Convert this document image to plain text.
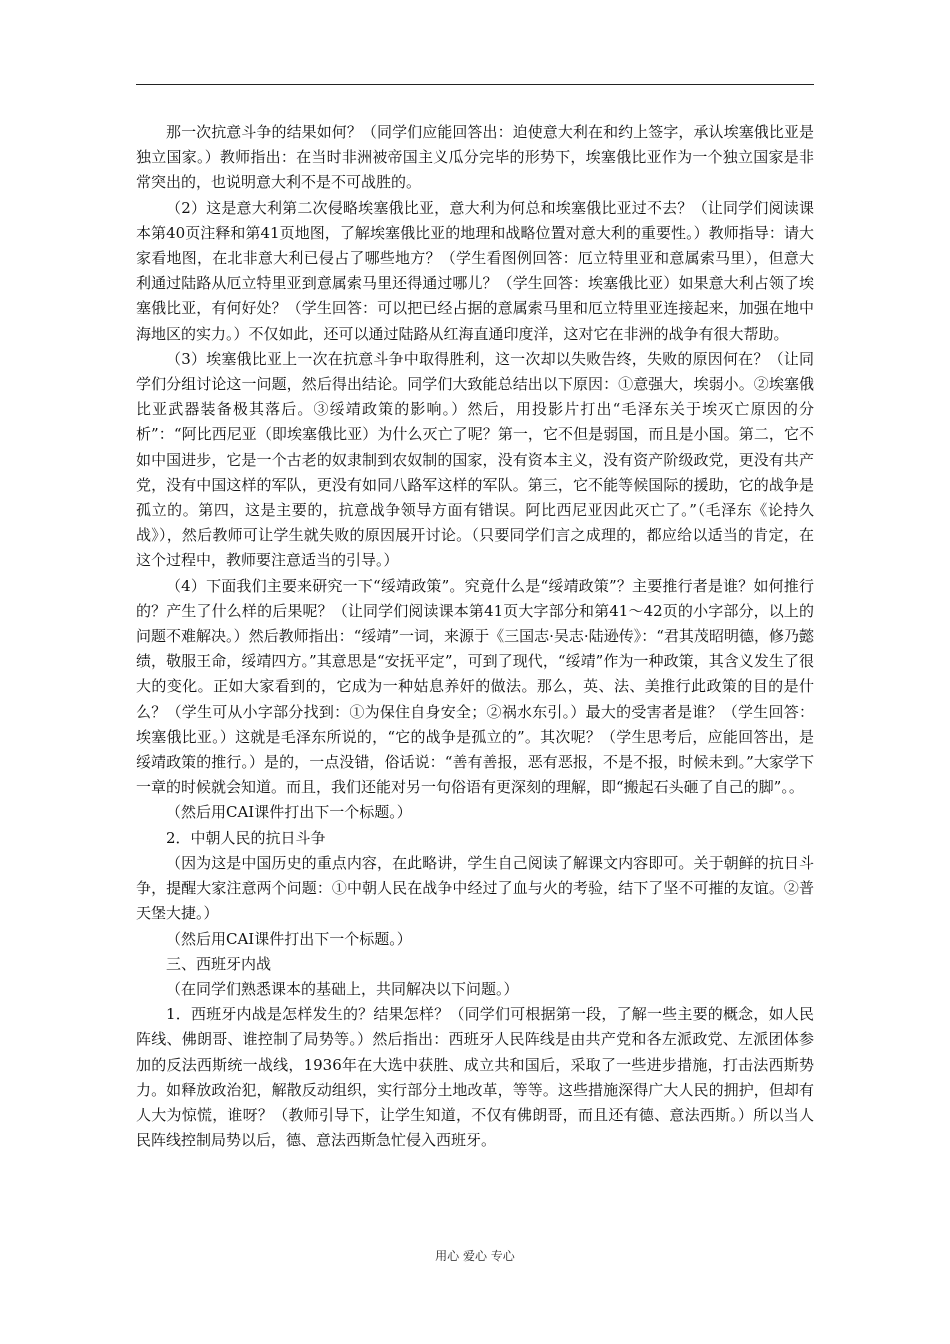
那一次抗意斗争的结果如何？（同学们应能回答出：迫使意大利在和约上签字，承认埃塞俄比亚是独立国家。）教师指出：在当时非洲被帝国主义瓜分完毕的形势下，埃塞俄比亚作为一个独立国家是非常突出的，也说明意大利不是不可战胜的。

（2）这是意大利第二次侵略埃塞俄比亚，意大利为何总和埃塞俄比亚过不去？（让同学们阅读课本第40页注释和第41页地图，了解埃塞俄比亚的地理和战略位置对意大利的重要性。）教师指导：请大家看地图，在北非意大利已侵占了哪些地方？（学生看图例回答：厄立特里亚和意属索马里），但意大利通过陆路从厄立特里亚到意属索马里还得通过哪儿？（学生回答：埃塞俄比亚）如果意大利占领了埃塞俄比亚，有何好处？（学生回答：可以把已经占据的意属索马里和厄立特里亚连接起来，加强在地中海地区的实力。）不仅如此，还可以通过陆路从红海直通印度洋，这对它在非洲的战争有很大帮助。

（3）埃塞俄比亚上一次在抗意斗争中取得胜利，这一次却以失败告终，失败的原因何在？（让同学们分组讨论这一问题，然后得出结论。同学们大致能总结出以下原因：①意强大，埃弱小。②埃塞俄比亚武器装备极其落后。③绥靖政策的影响。）然后，用投影片打出“毛泽东关于埃灭亡原因的分析”：“阿比西尼亚（即埃塞俄比亚）为什么灭亡了呢？第一，它不但是弱国，而且是小国。第二，它不如中国进步，它是一个古老的奴隶制到农奴制的国家，没有资本主义，没有资产阶级政党，更没有共产党，没有中国这样的军队，更没有如同八路军这样的军队。第三，它不能等候国际的援助，它的战争是孤立的。第四，这是主要的，抗意战争领导方面有错误。阿比西尼亚因此灭亡了。”（毛泽东《论持久战》），然后教师可让学生就失败的原因展开讨论。（只要同学们言之成理的，都应给以适当的肯定，在这个过程中，教师要注意适当的引导。）

（4）下面我们主要来研究一下“绥靖政策”。究竟什么是“绥靖政策”？主要推行者是谁？如何推行的？产生了什么样的后果呢？（让同学们阅读课本第41页大字部分和第41～42页的小字部分，以上的问题不难解决。）然后教师指出：“绥靖”一词，来源于《三国志·吴志·陆逊传》：“君其茂昭明德，修乃懿绩，敬服王命，绥靖四方。”其意思是“安抚平定”，可到了现代，“绥靖”作为一种政策，其含义发生了很大的变化。正如大家看到的，它成为一种姑息养奸的做法。那么，英、法、美推行此政策的目的是什么？（学生可从小字部分找到：①为保住自身安全；②祸水东引。）最大的受害者是谁？（学生回答：埃塞俄比亚。）这就是毛泽东所说的，“它的战争是孤立的”。其次呢？（学生思考后，应能回答出，是绥靖政策的推行。）是的，一点没错，俗话说：“善有善报，恶有恶报，不是不报，时候未到。”大家学下一章的时候就会知道。而且，我们还能对另一句俗语有更深刻的理解，即“搬起石头砸了自己的脚”。。

（然后用CAI课件打出下一个标题。）

2．中朝人民的抗日斗争

（因为这是中国历史的重点内容，在此略讲，学生自己阅读了解课文内容即可。关于朝鲜的抗日斗争，提醒大家注意两个问题：①中朝人民在战争中经过了血与火的考验，结下了坚不可摧的友谊。②普天堡大捷。）

（然后用CAI课件打出下一个标题。）

三、西班牙内战

（在同学们熟悉课本的基础上，共同解决以下问题。）

1．西班牙内战是怎样发生的？结果怎样？（同学们可根据第一段，了解一些主要的概念，如人民阵线、佛朗哥、谁控制了局势等。）然后指出：西班牙人民阵线是由共产党和各左派政党、左派团体参加的反法西斯统一战线，1936年在大选中获胜、成立共和国后，采取了一些进步措施，打击法西斯势力。如释放政治犯，解散反动组织，实行部分土地改革，等等。这些措施深得广大人民的拥护，但却有人大为惊慌，谁呀？（教师引导下，让学生知道，不仅有佛朗哥，而且还有德、意法西斯。）所以当人民阵线控制局势以后，德、意法西斯急忙侵入西班牙。

用心 爱心 专心
